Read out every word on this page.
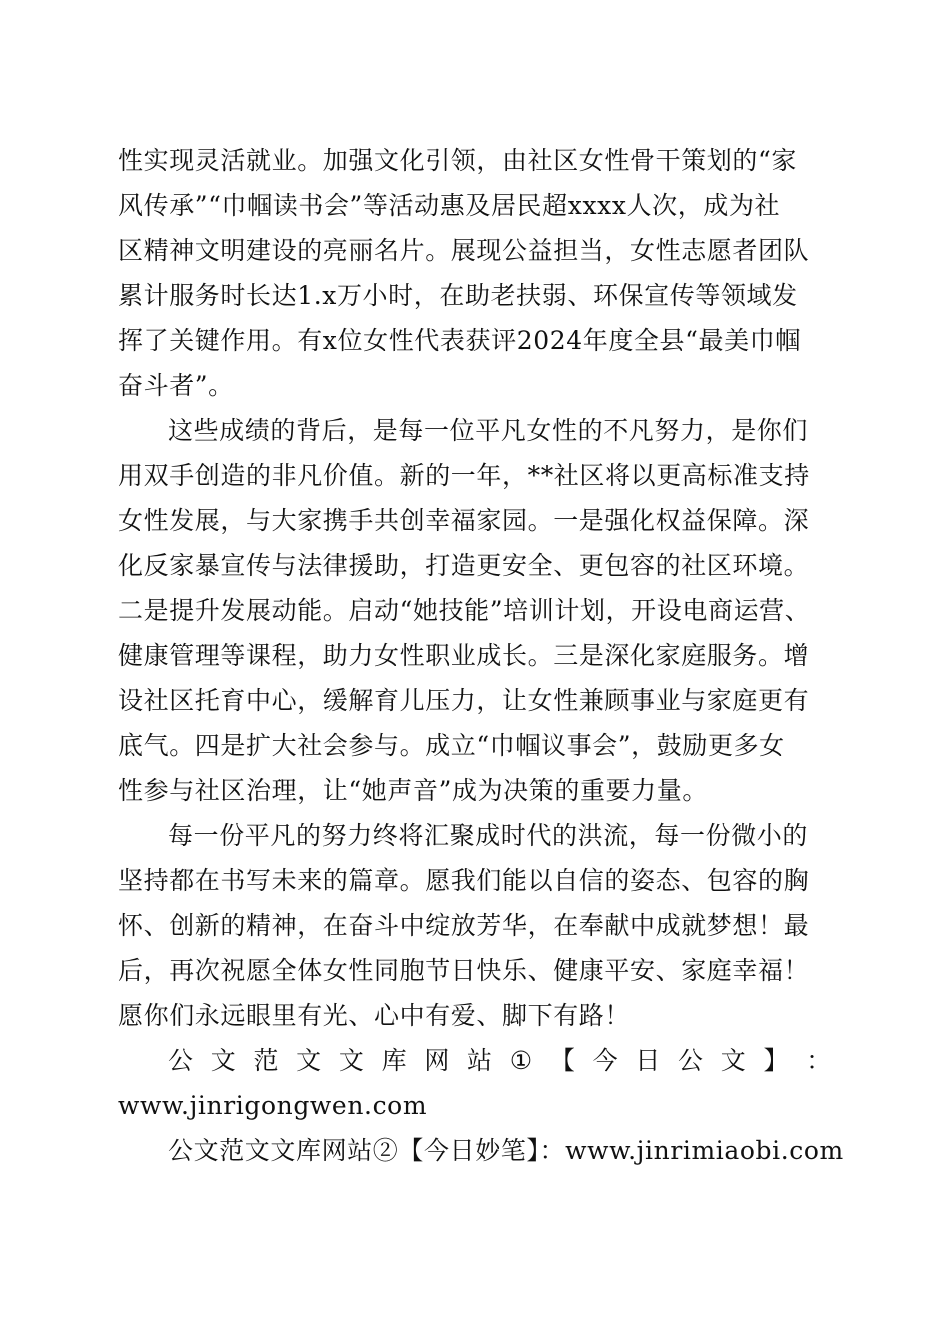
性实现灵活就业。加强文化引领，由社区女性骨干策划的“家
风传承”“巾帼读书会”等活动惠及居民超xxxx人次，成为社
区精神文明建设的亮丽名片。展现公益担当，女性志愿者团队
累计服务时长达1.x万小时，在助老扶弱、环保宣传等领域发
挥了关键作用。有x位女性代表获评2024年度全县“最美巾帼
奋斗者”。
这些成绩的背后，是每一位平凡女性的不凡努力，是你们
用双手创造的非凡价值。新的一年，**社区将以更高标准支持
女性发展，与大家携手共创幸福家园。一是强化权益保障。深
化反家暴宣传与法律援助，打造更安全、更包容的社区环境。
二是提升发展动能。启动“她技能”培训计划，开设电商运营、
健康管理等课程，助力女性职业成长。三是深化家庭服务。增
设社区托育中心，缓解育儿压力，让女性兼顾事业与家庭更有
底气。四是扩大社会参与。成立“巾帼议事会”，鼓励更多女
性参与社区治理，让“她声音”成为决策的重要力量。
每一份平凡的努力终将汇聚成时代的洪流，每一份微小的
坚持都在书写未来的篇章。愿我们能以自信的姿态、包容的胸
怀、创新的精神，在奋斗中绽放芳华，在奉献中成就梦想！最
后，再次祝愿全体女性同胞节日快乐、健康平安、家庭幸福！
愿你们永远眼里有光、心中有爱、脚下有路！
公 文 范 文 文 库 网 站 ① 【 今 日 公 文 】 ：
www.jinrigongwen.com
公文范文文库网站②【今日妙笔】：www.jinrimiaobi.com
